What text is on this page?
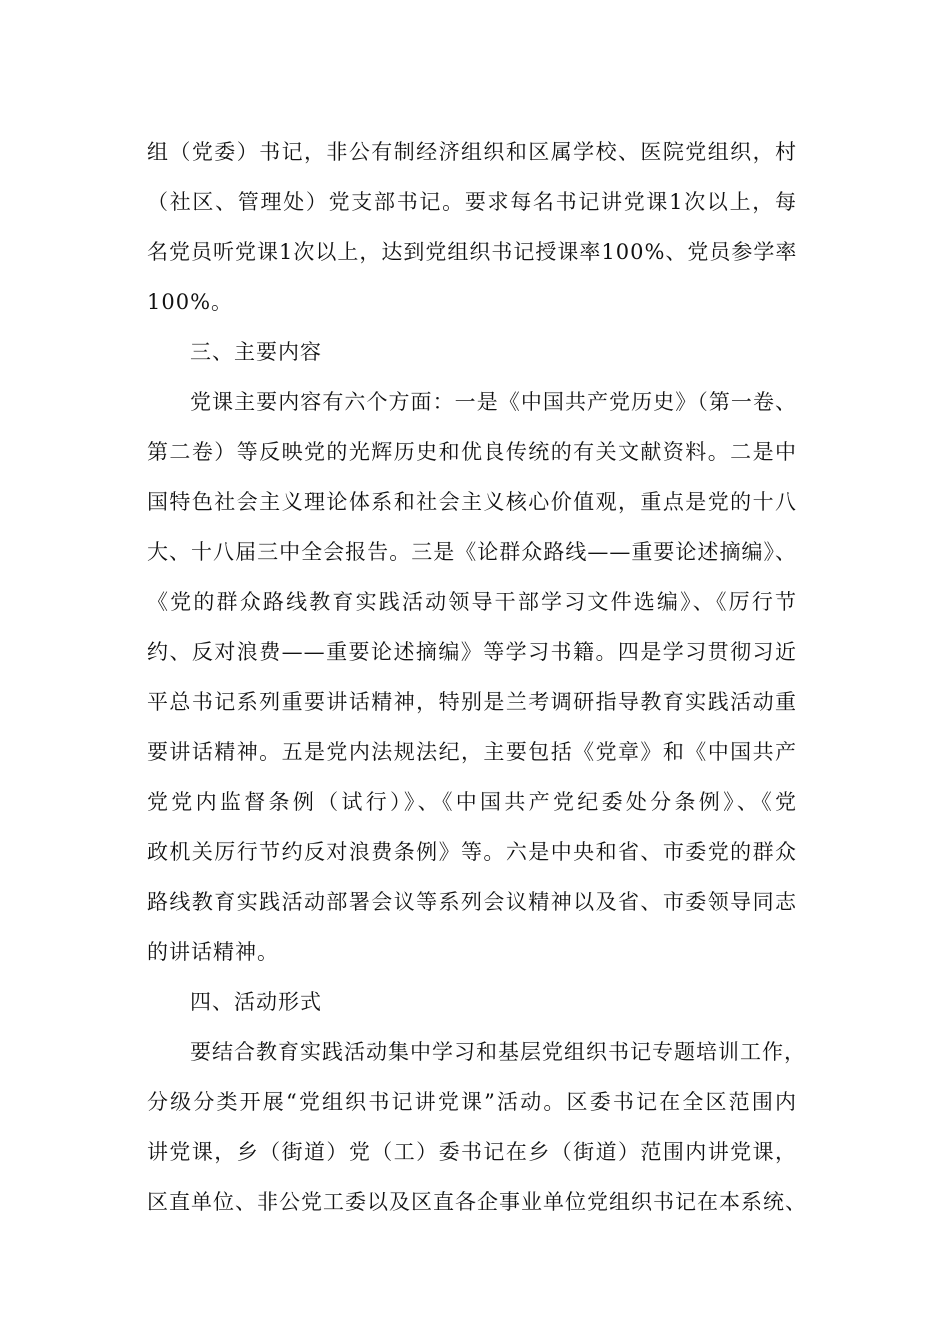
组（党委）书记，非公有制经济组织和区属学校、医院党组织，村
（社区、管理处）党支部书记。要求每名书记讲党课1次以上，每
名党员听党课1次以上，达到党组织书记授课率100%、党员参学率
100%。
三、主要内容
党课主要内容有六个方面：一是《中国共产党历史》（第一卷、
第二卷）等反映党的光辉历史和优良传统的有关文献资料。二是中
国特色社会主义理论体系和社会主义核心价值观，重点是党的十八
大、十八届三中全会报告。三是《论群众路线——重要论述摘编》、
《党的群众路线教育实践活动领导干部学习文件选编》、《厉行节
约、反对浪费——重要论述摘编》等学习书籍。四是学习贯彻习近
平总书记系列重要讲话精神，特别是兰考调研指导教育实践活动重
要讲话精神。五是党内法规法纪，主要包括《党章》和《中国共产
党党内监督条例（试行）》、《中国共产党纪委处分条例》、《党
政机关厉行节约反对浪费条例》等。六是中央和省、市委党的群众
路线教育实践活动部署会议等系列会议精神以及省、市委领导同志
的讲话精神。
四、活动形式
要结合教育实践活动集中学习和基层党组织书记专题培训工作，
分级分类开展“党组织书记讲党课”活动。区委书记在全区范围内
讲党课，乡（街道）党（工）委书记在乡（街道）范围内讲党课，
区直单位、非公党工委以及区直各企事业单位党组织书记在本系统、
